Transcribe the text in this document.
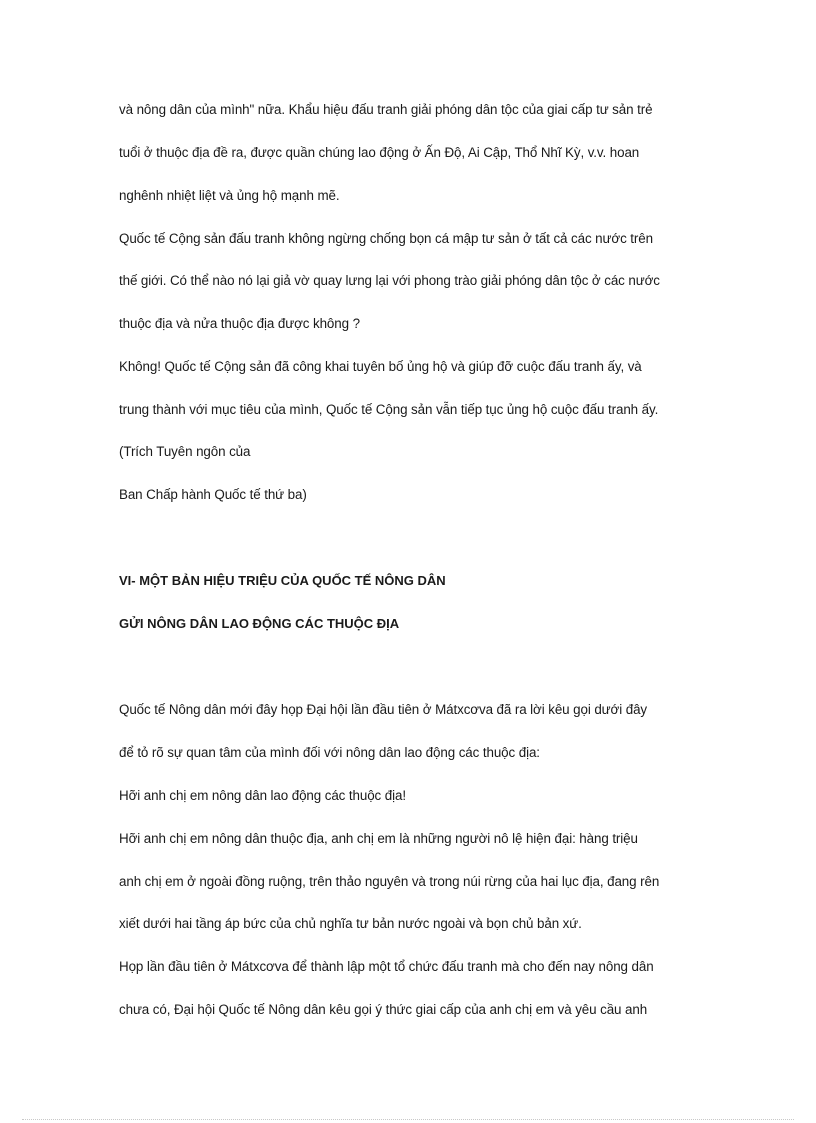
và nông dân của mình" nữa. Khẩu hiệu đấu tranh giải phóng dân tộc của giai cấp tư sản trẻ
tuổi ở thuộc địa đề ra, được quần chúng lao động ở Ấn Độ, Ai Cập, Thổ Nhĩ Kỳ, v.v. hoan
nghênh nhiệt liệt và ủng hộ mạnh mẽ.
Quốc tế Cộng sản đấu tranh không ngừng chống bọn cá mập tư sản ở tất cả các nước trên
thế giới. Có thể nào nó lại giả vờ quay lưng lại với phong trào giải phóng dân tộc ở các nước
thuộc địa và nửa thuộc địa được không ?
Không! Quốc tế Cộng sản đã công khai tuyên bố ủng hộ và giúp đỡ cuộc đấu tranh ấy, và
trung thành với mục tiêu của mình, Quốc tế Cộng sản vẫn tiếp tục ủng hộ cuộc đấu tranh ấy.
(Trích Tuyên ngôn của
Ban Chấp hành Quốc tế thứ ba)
VI- MỘT BẢN HIỆU TRIỆU CỦA QUỐC TẾ NÔNG DÂN
GỬI NÔNG DÂN LAO ĐỘNG CÁC THUỘC ĐỊA
Quốc tế Nông dân mới đây họp Đại hội lần đầu tiên ở Mátxcơva đã ra lời kêu gọi dưới đây
để tỏ rõ sự quan tâm của mình đối với nông dân lao động các thuộc địa:
Hỡi anh chị em nông dân lao động các thuộc địa!
Hỡi anh chị em nông dân thuộc địa, anh chị em là những người nô lệ hiện đại: hàng triệu
anh chị em ở ngoài đồng ruộng, trên thảo nguyên và trong núi rừng của hai lục địa, đang rên
xiết dưới hai tầng áp bức của chủ nghĩa tư bản nước ngoài và bọn chủ bản xứ.
Họp lần đầu tiên ở Mátxcơva để thành lập một tổ chức đấu tranh mà cho đến nay nông dân
chưa có, Đại hội Quốc tế Nông dân kêu gọi ý thức giai cấp của anh chị em và yêu cầu anh
